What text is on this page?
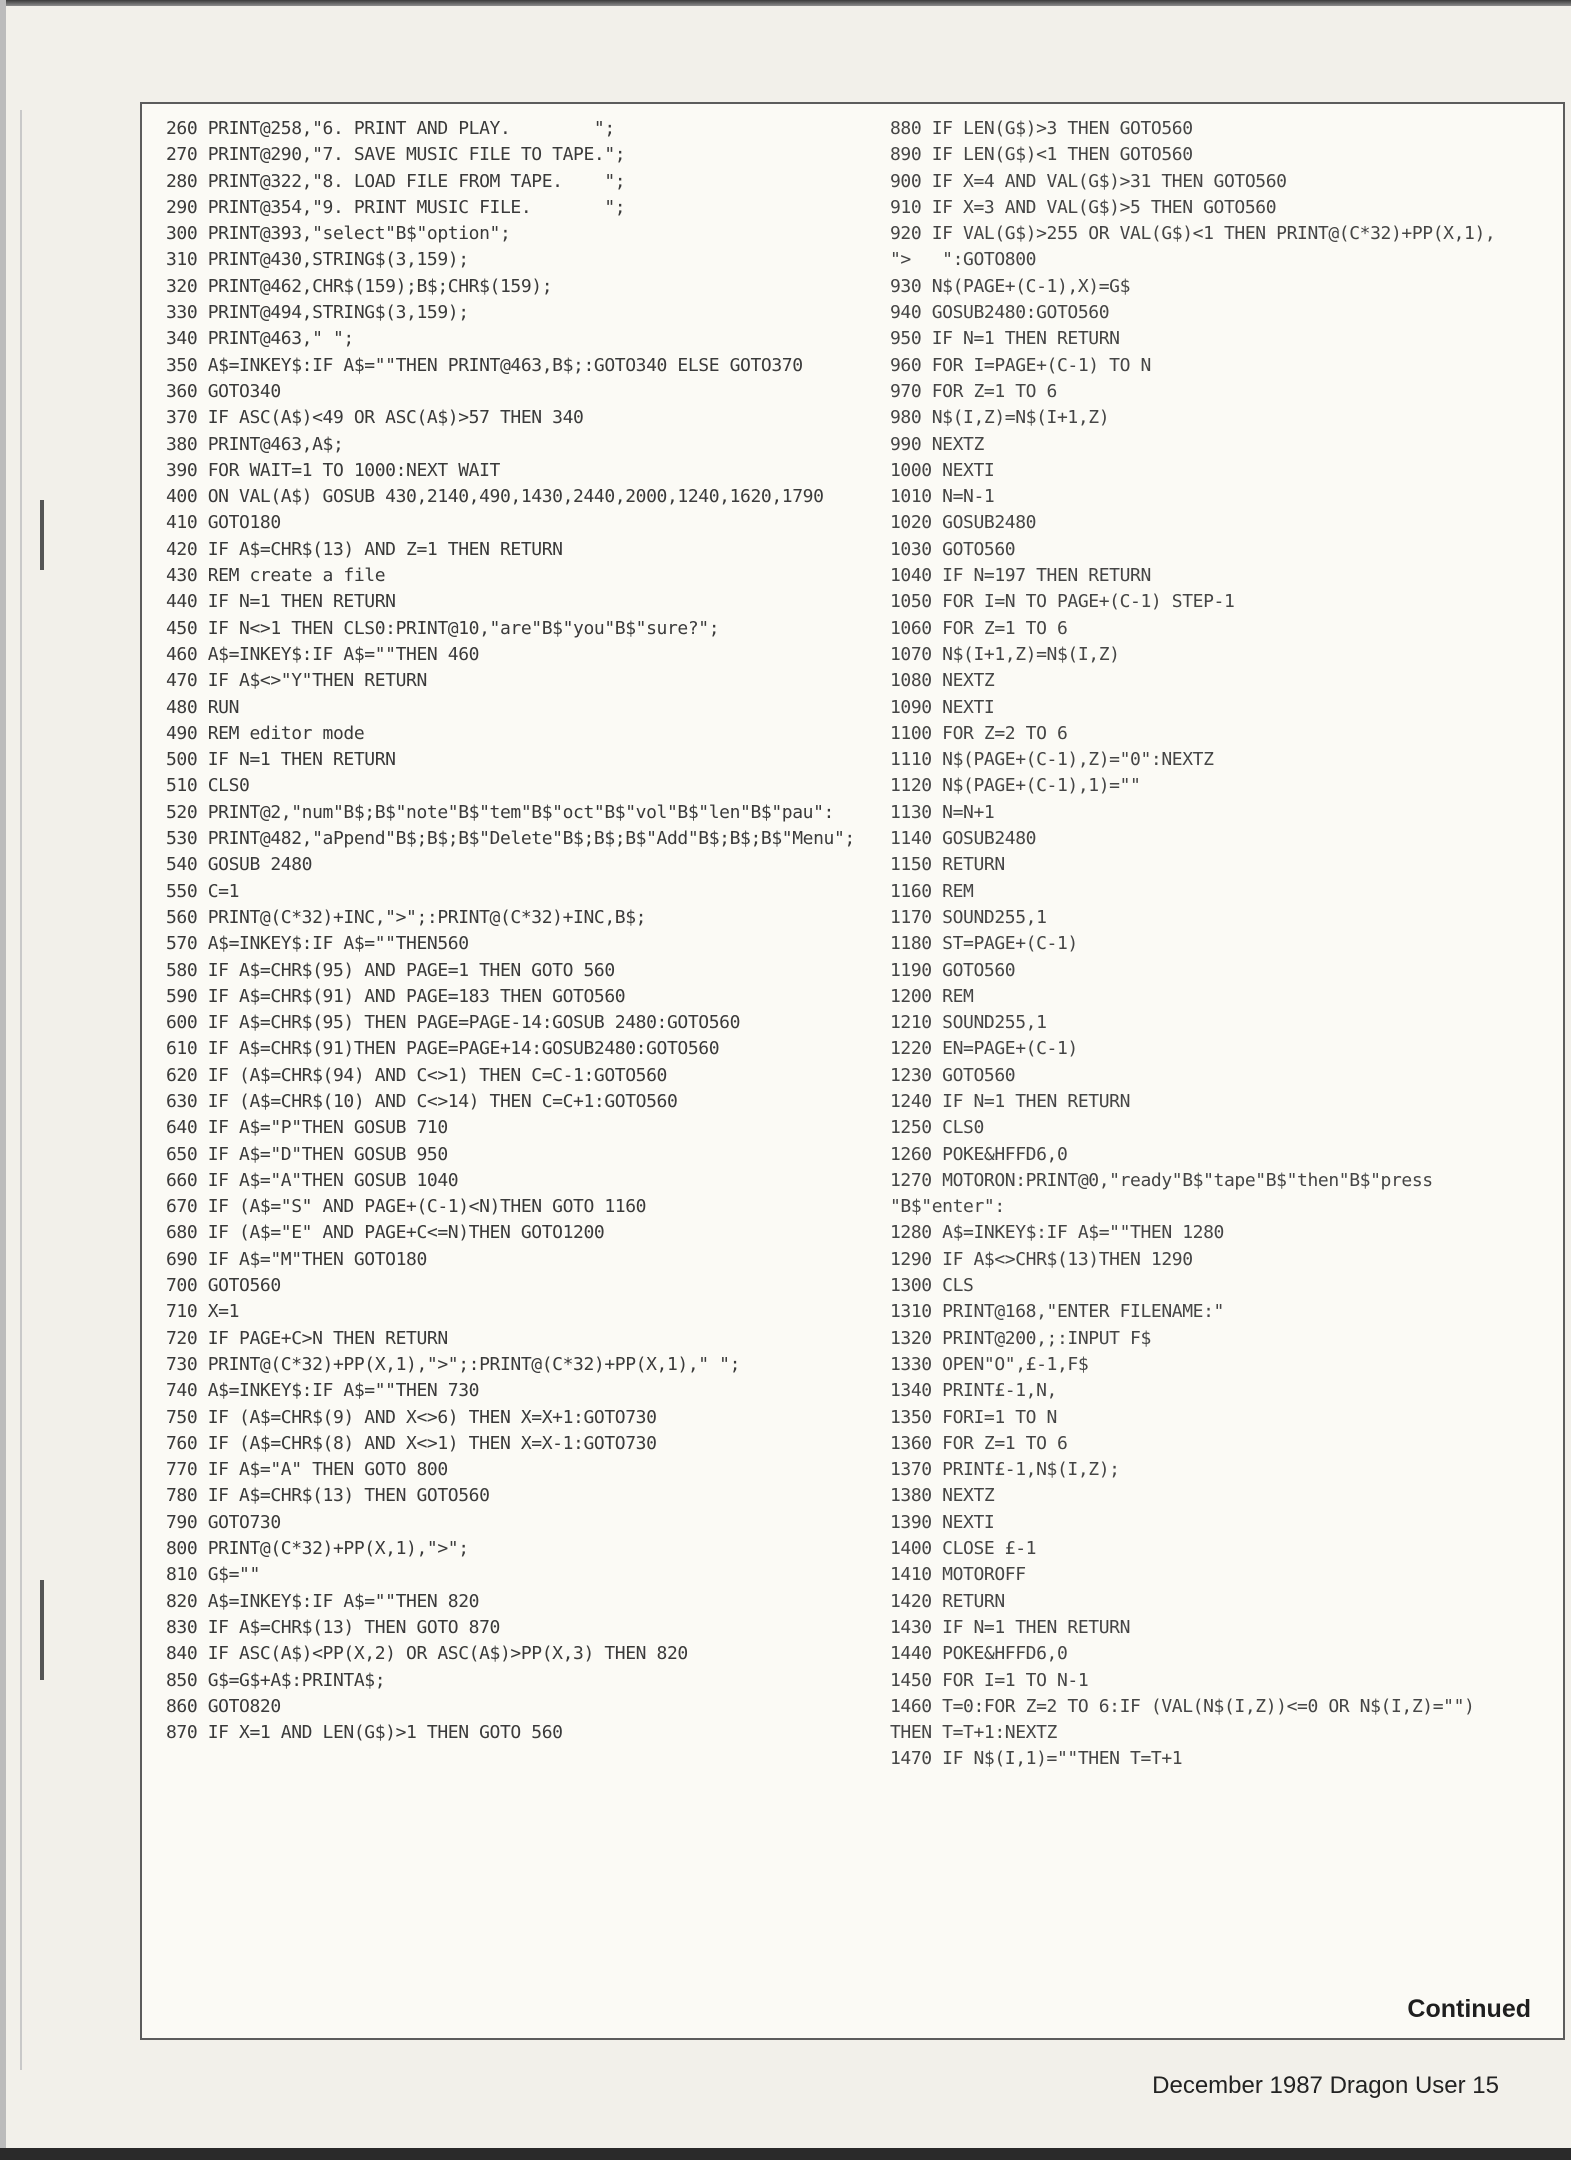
260 PRINT@258,"6. PRINT AND PLAY.        ";
270 PRINT@290,"7. SAVE MUSIC FILE TO TAPE.";
280 PRINT@322,"8. LOAD FILE FROM TAPE.    ";
290 PRINT@354,"9. PRINT MUSIC FILE.       ";
300 PRINT@393,"select"B$"option";
310 PRINT@430,STRING$(3,159);
320 PRINT@462,CHR$(159);B$;CHR$(159);
330 PRINT@494,STRING$(3,159);
340 PRINT@463," ";
350 A$=INKEY$:IF A$=""THEN PRINT@463,B$;:GOTO340 ELSE GOTO370
360 GOTO340
370 IF ASC(A$)<49 OR ASC(A$)>57 THEN 340
380 PRINT@463,A$;
390 FOR WAIT=1 TO 1000:NEXT WAIT
400 ON VAL(A$) GOSUB 430,2140,490,1430,2440,2000,1240,1620,1790
410 GOTO180
420 IF A$=CHR$(13) AND Z=1 THEN RETURN
430 REM create a file
440 IF N=1 THEN RETURN
450 IF N<>1 THEN CLS0:PRINT@10,"are"B$"you"B$"sure?";
460 A$=INKEY$:IF A$=""THEN 460
470 IF A$<>"Y"THEN RETURN
480 RUN
490 REM editor mode
500 IF N=1 THEN RETURN
510 CLS0
520 PRINT@2,"num"B$;B$"note"B$"tem"B$"oct"B$"vol"B$"len"B$"pau":
530 PRINT@482,"aPpend"B$;B$;B$"Delete"B$;B$;B$"Add"B$;B$;B$"Menu";
540 GOSUB 2480
550 C=1
560 PRINT@(C*32)+INC,">";:PRINT@(C*32)+INC,B$;
570 A$=INKEY$:IF A$=""THEN560
580 IF A$=CHR$(95) AND PAGE=1 THEN GOTO 560
590 IF A$=CHR$(91) AND PAGE=183 THEN GOTO560
600 IF A$=CHR$(95) THEN PAGE=PAGE-14:GOSUB 2480:GOTO560
610 IF A$=CHR$(91)THEN PAGE=PAGE+14:GOSUB2480:GOTO560
620 IF (A$=CHR$(94) AND C<>1) THEN C=C-1:GOTO560
630 IF (A$=CHR$(10) AND C<>14) THEN C=C+1:GOTO560
640 IF A$="P"THEN GOSUB 710
650 IF A$="D"THEN GOSUB 950
660 IF A$="A"THEN GOSUB 1040
670 IF (A$="S" AND PAGE+(C-1)<N)THEN GOTO 1160
680 IF (A$="E" AND PAGE+C<=N)THEN GOTO1200
690 IF A$="M"THEN GOTO180
700 GOTO560
710 X=1
720 IF PAGE+C>N THEN RETURN
730 PRINT@(C*32)+PP(X,1),">";:PRINT@(C*32)+PP(X,1)," ";
740 A$=INKEY$:IF A$=""THEN 730
750 IF (A$=CHR$(9) AND X<>6) THEN X=X+1:GOTO730
760 IF (A$=CHR$(8) AND X<>1) THEN X=X-1:GOTO730
770 IF A$="A" THEN GOTO 800
780 IF A$=CHR$(13) THEN GOTO560
790 GOTO730
800 PRINT@(C*32)+PP(X,1),">";
810 G$=""
820 A$=INKEY$:IF A$=""THEN 820
830 IF A$=CHR$(13) THEN GOTO 870
840 IF ASC(A$)<PP(X,2) OR ASC(A$)>PP(X,3) THEN 820
850 G$=G$+A$:PRINTA$;
860 GOTO820
870 IF X=1 AND LEN(G$)>1 THEN GOTO 560
880 IF LEN(G$)>3 THEN GOTO560
890 IF LEN(G$)<1 THEN GOTO560
900 IF X=4 AND VAL(G$)>31 THEN GOTO560
910 IF X=3 AND VAL(G$)>5 THEN GOTO560
920 IF VAL(G$)>255 OR VAL(G$)<1 THEN PRINT@(C*32)+PP(X,1),
">   ":GOTO800
930 N$(PAGE+(C-1),X)=G$
940 GOSUB2480:GOTO560
950 IF N=1 THEN RETURN
960 FOR I=PAGE+(C-1) TO N
970 FOR Z=1 TO 6
980 N$(I,Z)=N$(I+1,Z)
990 NEXTZ
1000 NEXTI
1010 N=N-1
1020 GOSUB2480
1030 GOTO560
1040 IF N=197 THEN RETURN
1050 FOR I=N TO PAGE+(C-1) STEP-1
1060 FOR Z=1 TO 6
1070 N$(I+1,Z)=N$(I,Z)
1080 NEXTZ
1090 NEXTI
1100 FOR Z=2 TO 6
1110 N$(PAGE+(C-1),Z)="0":NEXTZ
1120 N$(PAGE+(C-1),1)=""
1130 N=N+1
1140 GOSUB2480
1150 RETURN
1160 REM
1170 SOUND255,1
1180 ST=PAGE+(C-1)
1190 GOTO560
1200 REM
1210 SOUND255,1
1220 EN=PAGE+(C-1)
1230 GOTO560
1240 IF N=1 THEN RETURN
1250 CLS0
1260 POKE&HFFD6,0
1270 MOTORON:PRINT@0,"ready"B$"tape"B$"then"B$"press
"B$"enter":
1280 A$=INKEY$:IF A$=""THEN 1280
1290 IF A$<>CHR$(13)THEN 1290
1300 CLS
1310 PRINT@168,"ENTER FILENAME:"
1320 PRINT@200,;:INPUT F$
1330 OPEN"O",£-1,F$
1340 PRINT£-1,N,
1350 FORI=1 TO N
1360 FOR Z=1 TO 6
1370 PRINT£-1,N$(I,Z);
1380 NEXTZ
1390 NEXTI
1400 CLOSE £-1
1410 MOTOROFF
1420 RETURN
1430 IF N=1 THEN RETURN
1440 POKE&HFFD6,0
1450 FOR I=1 TO N-1
1460 T=0:FOR Z=2 TO 6:IF (VAL(N$(I,Z))<=0 OR N$(I,Z)="")
THEN T=T+1:NEXTZ
1470 IF N$(I,1)=""THEN T=T+1
Continued
December 1987 Dragon User 15
